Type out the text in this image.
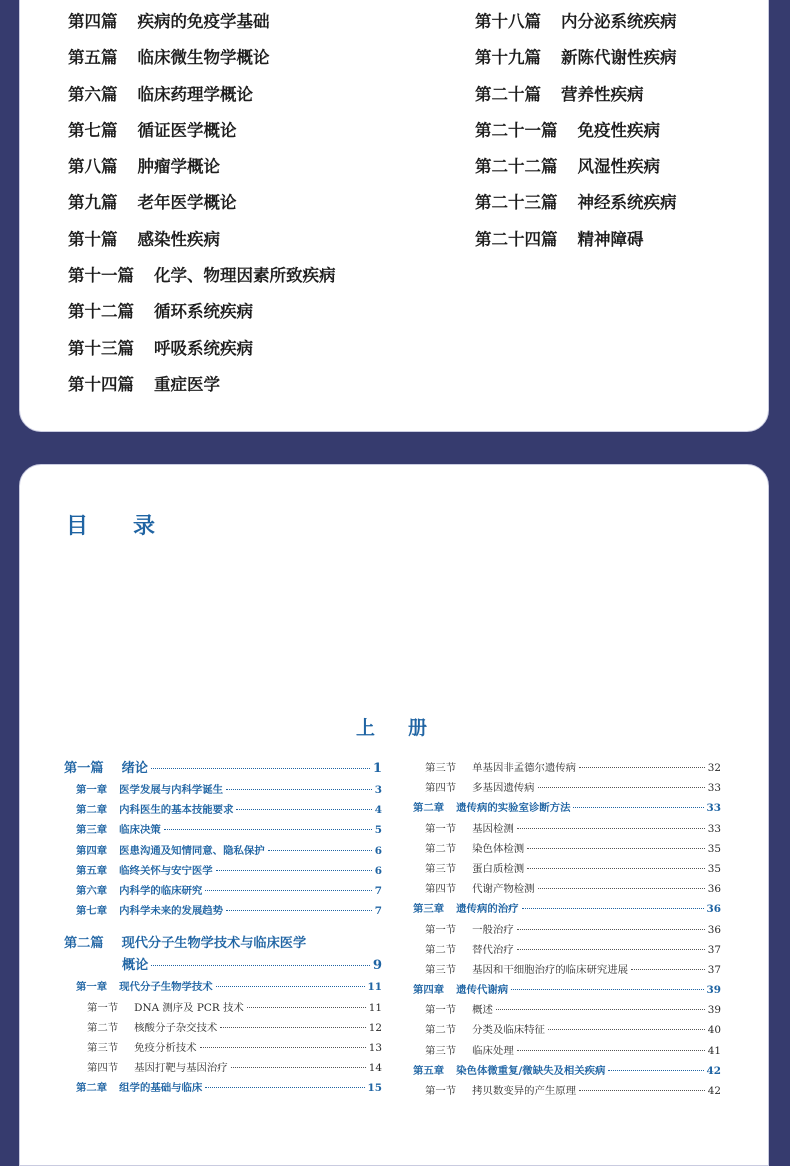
第四篇 疾病的免疫学基础
第五篇 临床微生物学概论
第六篇 临床药理学概论
第七篇 循证医学概论
第八篇 肿瘤学概论
第九篇 老年医学概论
第十篇 感染性疾病
第十一篇 化学、物理因素所致疾病
第十二篇 循环系统疾病
第十三篇 呼吸系统疾病
第十四篇 重症医学
第十八篇 内分泌系统疾病
第十九篇 新陈代谢性疾病
第二十篇 营养性疾病
第二十一篇 免疫性疾病
第二十二篇 风湿性疾病
第二十三篇 神经系统疾病
第二十四篇 精神障碍
目 录
上 册
第一篇 绪论	1
第一章 医学发展与内科学诞生	3
第二章 内科医生的基本技能要求	4
第三章 临床决策	5
第四章 医患沟通及知情同意、隐私保护	6
第五章 临终关怀与安宁医学	6
第六章 内科学的临床研究	7
第七章 内科学未来的发展趋势	7
第二篇 现代分子生物学技术与临床医学
概论	9
第一章 现代分子生物学技术	11
第一节 DNA 测序及 PCR 技术	11
第二节 核酸分子杂交技术	12
第三节 免疫分析技术	13
第四节 基因打靶与基因治疗	14
第二章 组学的基础与临床	15
第三节 单基因非孟德尔遗传病	32
第四节 多基因遗传病	33
第二章 遗传病的实验室诊断方法	33
第一节 基因检测	33
第二节 染色体检测	35
第三节 蛋白质检测	35
第四节 代谢产物检测	36
第三章 遗传病的治疗	36
第一节 一般治疗	36
第二节 替代治疗	37
第三节 基因和干细胞治疗的临床研究进展	37
第四章 遗传代谢病	39
第一节 概述	39
第二节 分类及临床特征	40
第三节 临床处理	41
第五章 染色体微重复/微缺失及相关疾病	42
第一节 拷贝数变异的产生原理	42
